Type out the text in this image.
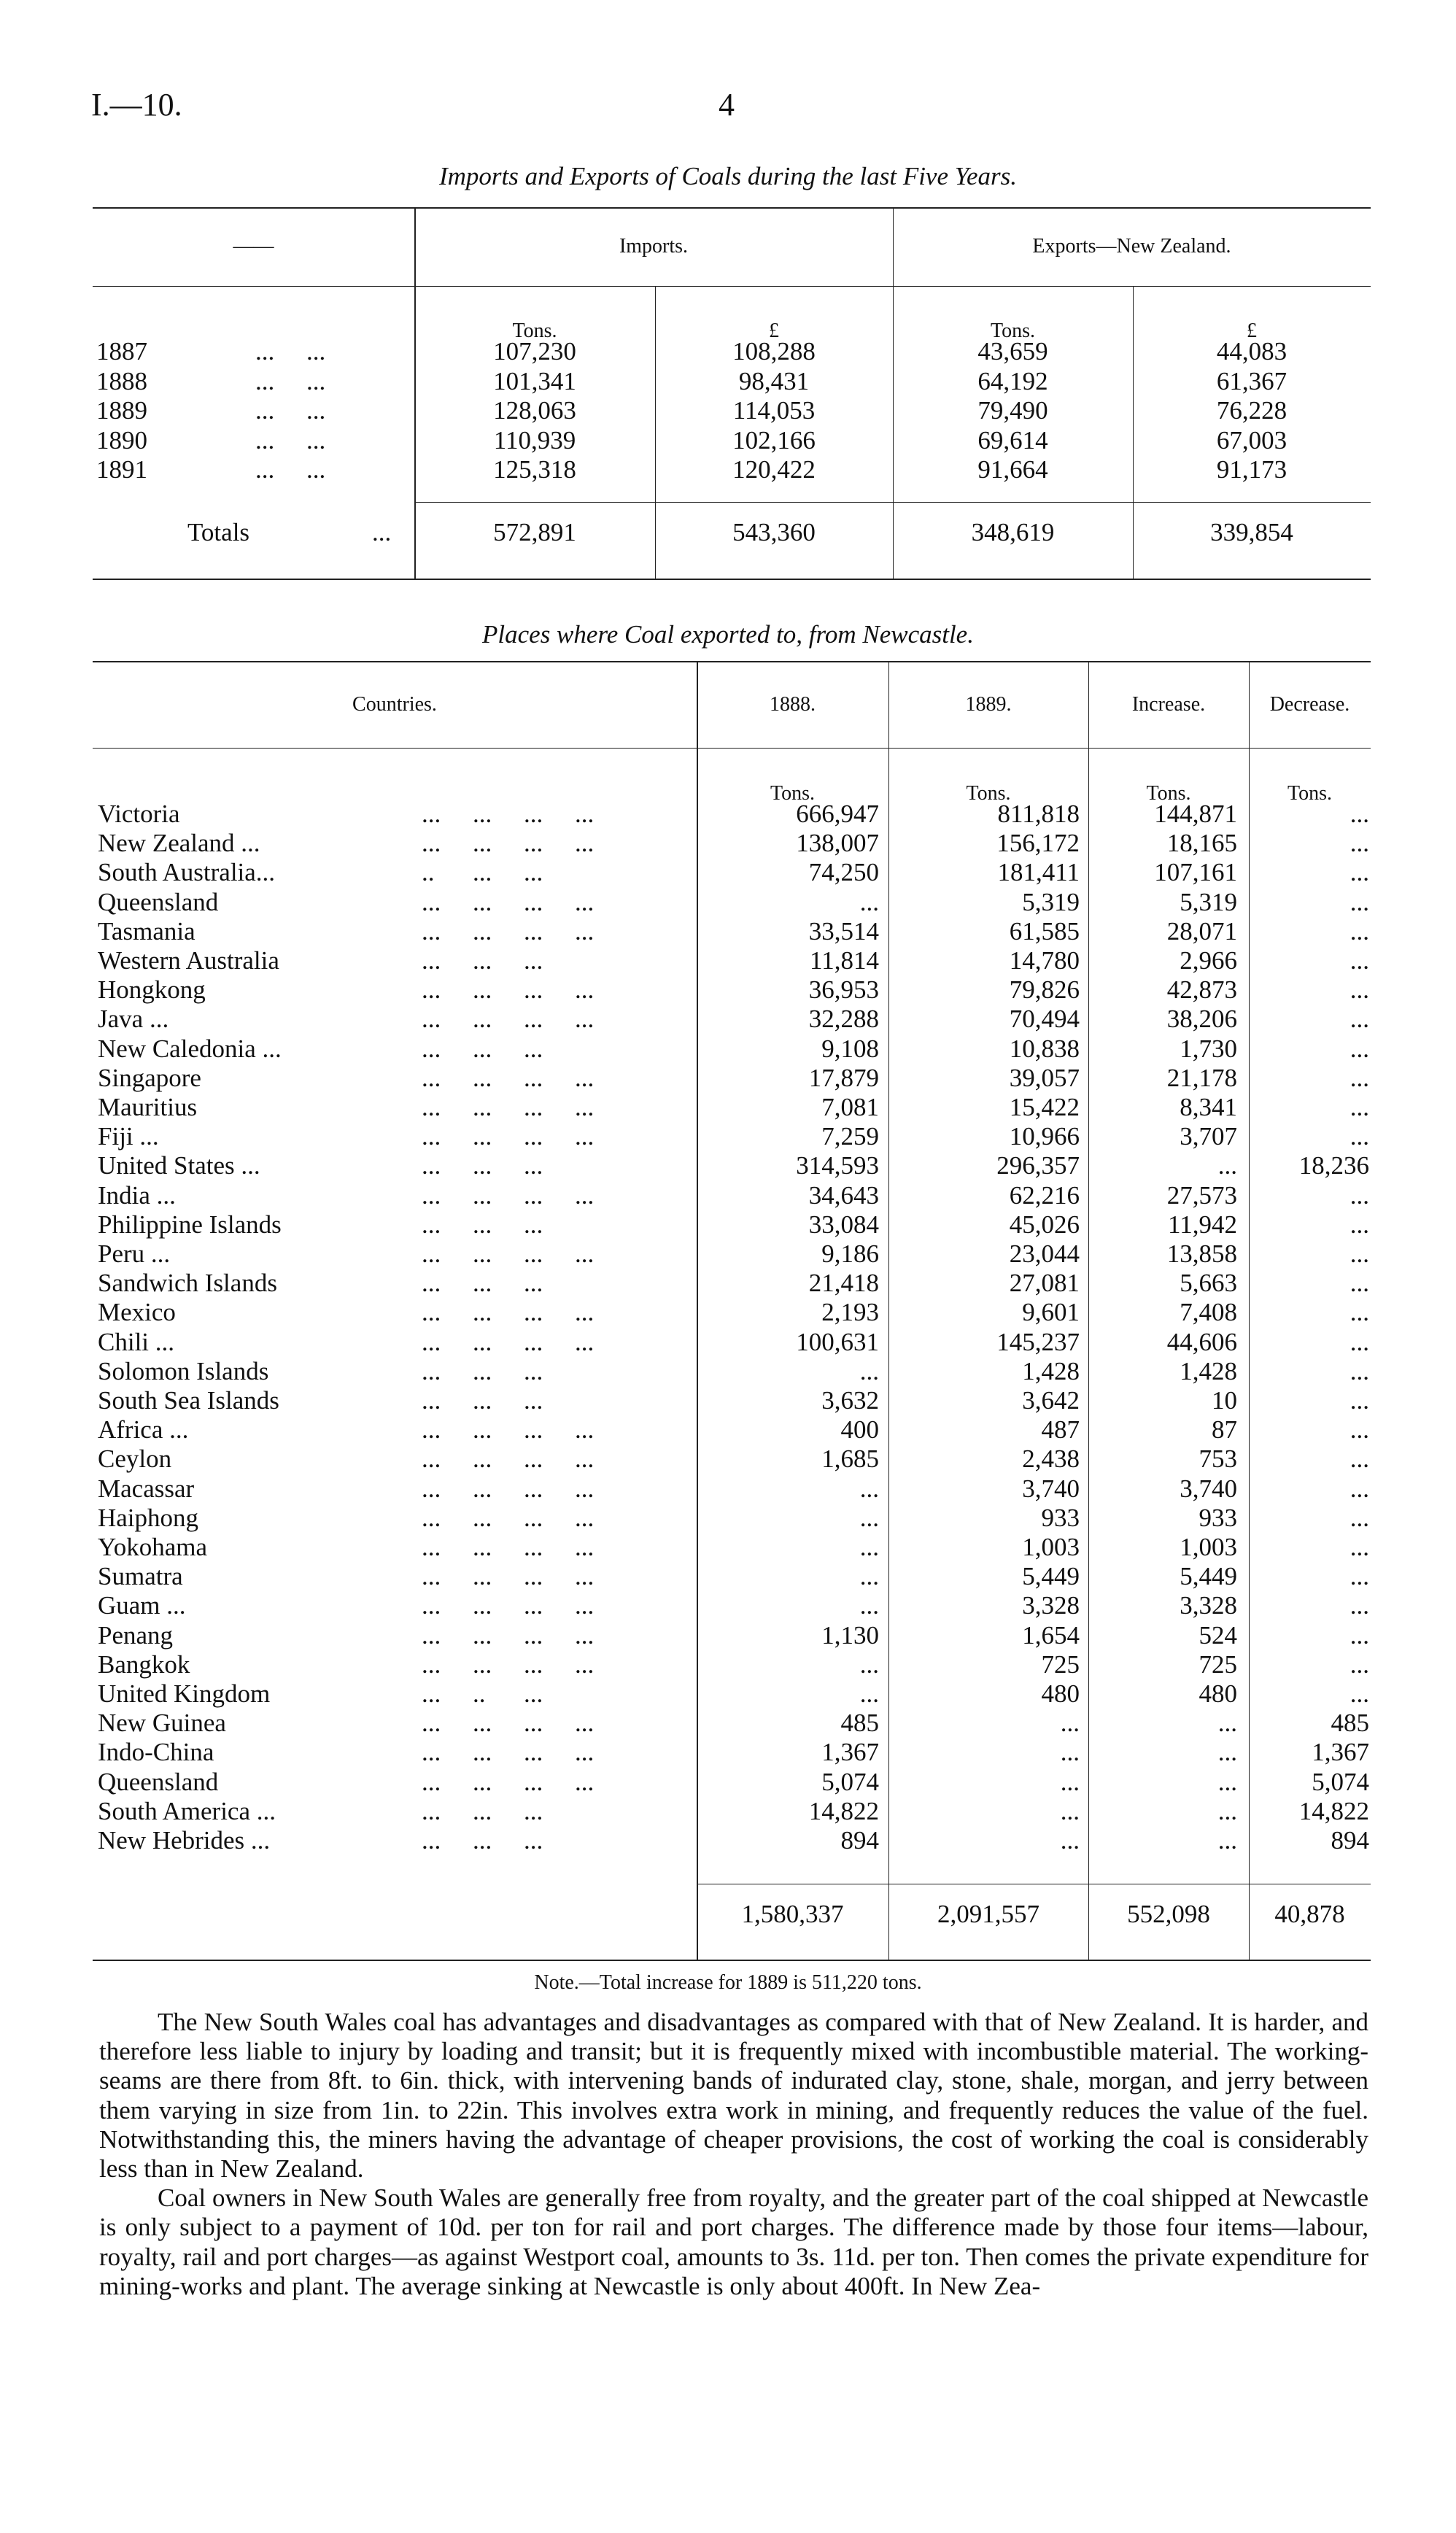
I.—10.	4
Imports and Exports of Coals during the last Five Years.
——	Imports.	Exports—New Zealand.
Tons.	£	Tons.	£
1887	...     ...	107,230	108,288	43,659	44,083
1888	...     ...	101,341	98,431	64,192	61,367
1889	...     ...	128,063	114,053	79,490	76,228
1890	...     ...	110,939	102,166	69,614	67,003
1891	...     ...	125,318	120,422	91,664	91,173
Totals	...	572,891	543,360	348,619	339,854
Places where Coal exported to, from Newcastle.
Countries.	1888.	1889.	Increase.	Decrease.
Tons.	Tons.	Tons.	Tons.
Victoria	...     ...     ...     ...	666,947	811,818	144,871	...
New Zealand ...	...     ...     ...     ...	138,007	156,172	18,165	...
South Australia...	..      ...     ...	74,250	181,411	107,161	...
Queensland	...     ...     ...     ...	...	5,319	5,319	...
Tasmania	...     ...     ...     ...	33,514	61,585	28,071	...
Western Australia	...     ...     ...	11,814	14,780	2,966	...
Hongkong	...     ...     ...     ...	36,953	79,826	42,873	...
Java ...	...     ...     ...     ...	32,288	70,494	38,206	...
New Caledonia ...	...     ...     ...	9,108	10,838	1,730	...
Singapore	...     ...     ...     ...	17,879	39,057	21,178	...
Mauritius	...     ...     ...     ...	7,081	15,422	8,341	...
Fiji ...	...     ...     ...     ...	7,259	10,966	3,707	...
United States ...	...     ...     ...	314,593	296,357	...	18,236
India ...	...     ...     ...     ...	34,643	62,216	27,573	...
Philippine Islands	...     ...     ...	33,084	45,026	11,942	...
Peru ...	...     ...     ...     ...	9,186	23,044	13,858	...
Sandwich Islands	...     ...     ...	21,418	27,081	5,663	...
Mexico	...     ...     ...     ...	2,193	9,601	7,408	...
Chili ...	...     ...     ...     ...	100,631	145,237	44,606	...
Solomon Islands	...     ...     ...	...	1,428	1,428	...
South Sea Islands	...     ...     ...	3,632	3,642	10	...
Africa ...	...     ...     ...     ...	400	487	87	...
Ceylon	...     ...     ...     ...	1,685	2,438	753	...
Macassar	...     ...     ...     ...	...	3,740	3,740	...
Haiphong	...     ...     ...     ...	...	933	933	...
Yokohama	...     ...     ...     ...	...	1,003	1,003	...
Sumatra	...     ...     ...     ...	...	5,449	5,449	...
Guam ...	...     ...     ...     ...	...	3,328	3,328	...
Penang	...     ...     ...     ...	1,130	1,654	524	...
Bangkok	...     ...     ...     ...	...	725	725	...
United Kingdom	...     ..      ...	...	480	480	...
New Guinea	...     ...     ...     ...	485	...	...	485
Indo-China	...     ...     ...     ...	1,367	...	...	1,367
Queensland	...     ...     ...     ...	5,074	...	...	5,074
South America ...	...     ...     ...	14,822	...	...	14,822
New Hebrides ...	...     ...     ...	894	...	...	894
1,580,337	2,091,557	552,098	40,878
Note.—Total increase for 1889 is 511,220 tons.

The New South Wales coal has advantages and disadvantages as compared with that of New Zealand. It is harder, and therefore less liable to injury by loading and transit; but it is frequently mixed with incombustible material. The working-seams are there from 8ft. to 6in. thick, with intervening bands of indurated clay, stone, shale, morgan, and jerry between them varying in size from 1in. to 22in. This involves extra work in mining, and frequently reduces the value of the fuel. Notwithstanding this, the miners having the advantage of cheaper provisions, the cost of working the coal is considerably less than in New Zealand.

Coal owners in New South Wales are generally free from royalty, and the greater part of the coal shipped at Newcastle is only subject to a payment of 10d. per ton for rail and port charges. The difference made by those four items—labour, royalty, rail and port charges—as against Westport coal, amounts to 3s. 11d. per ton. Then comes the private expenditure for mining-works and plant. The average sinking at Newcastle is only about 400ft. In New Zea-
